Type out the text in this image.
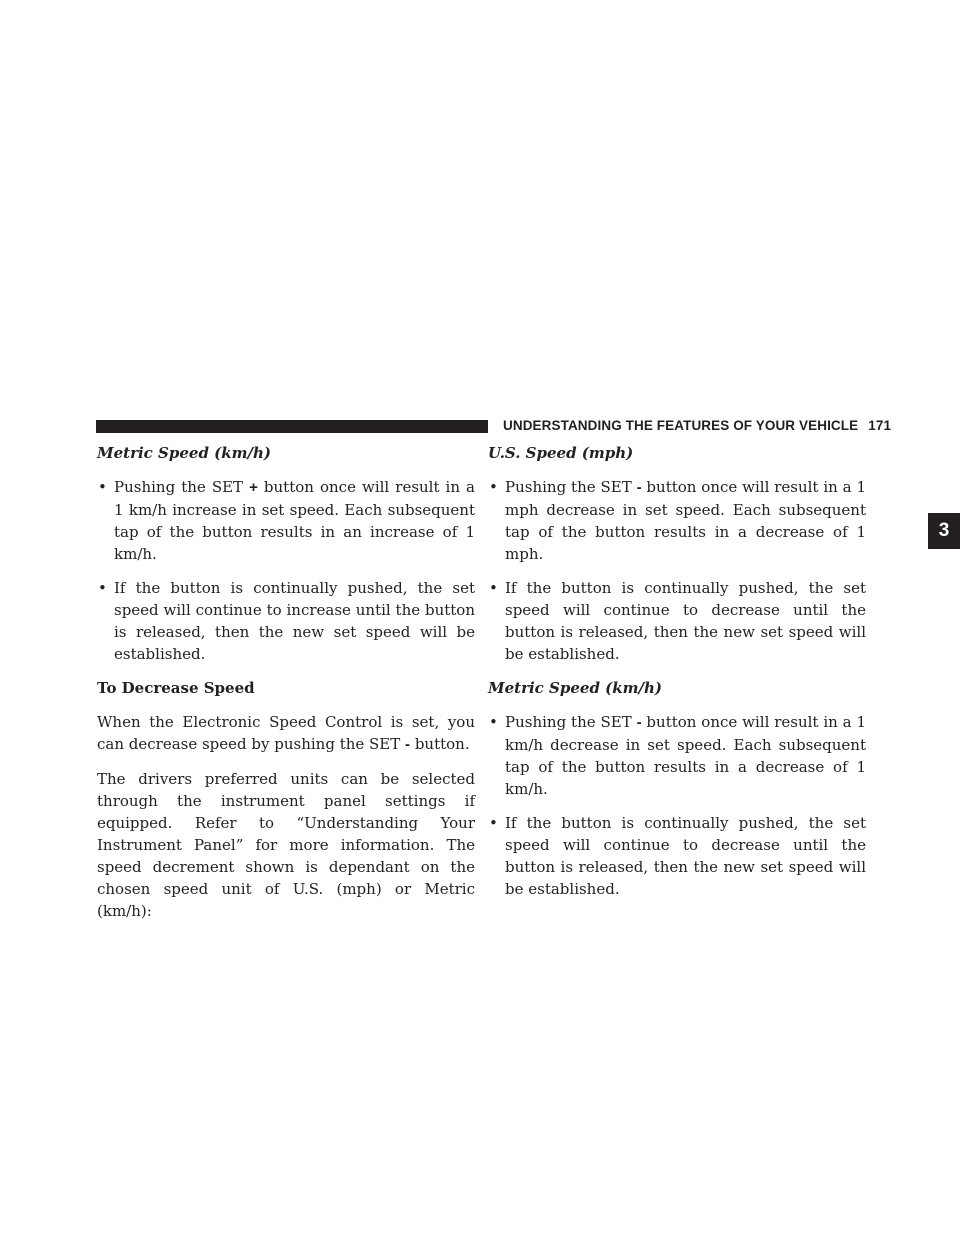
UNDERSTANDING THE FEATURES OF YOUR VEHICLE 171
3

Metric Speed (km/h)

• Pushing the SET + button once will result in a 1 km/h increase in set speed. Each subsequent tap of the button results in an increase of 1 km/h.
• If the button is continually pushed, the set speed will continue to increase until the button is released, then the new set speed will be established.

To Decrease Speed

When the Electronic Speed Control is set, you can decrease speed by pushing the SET - button.

The drivers preferred units can be selected through the instrument panel settings if equipped. Refer to “Understanding Your Instrument Panel” for more information. The speed decrement shown is dependant on the chosen speed unit of U.S. (mph) or Metric (km/h):

U.S. Speed (mph)

• Pushing the SET - button once will result in a 1 mph decrease in set speed. Each subsequent tap of the button results in a decrease of 1 mph.
• If the button is continually pushed, the set speed will continue to decrease until the button is released, then the new set speed will be established.

Metric Speed (km/h)

• Pushing the SET - button once will result in a 1 km/h decrease in set speed. Each subsequent tap of the button results in a decrease of 1 km/h.
• If the button is continually pushed, the set speed will continue to decrease until the button is released, then the new set speed will be established.
